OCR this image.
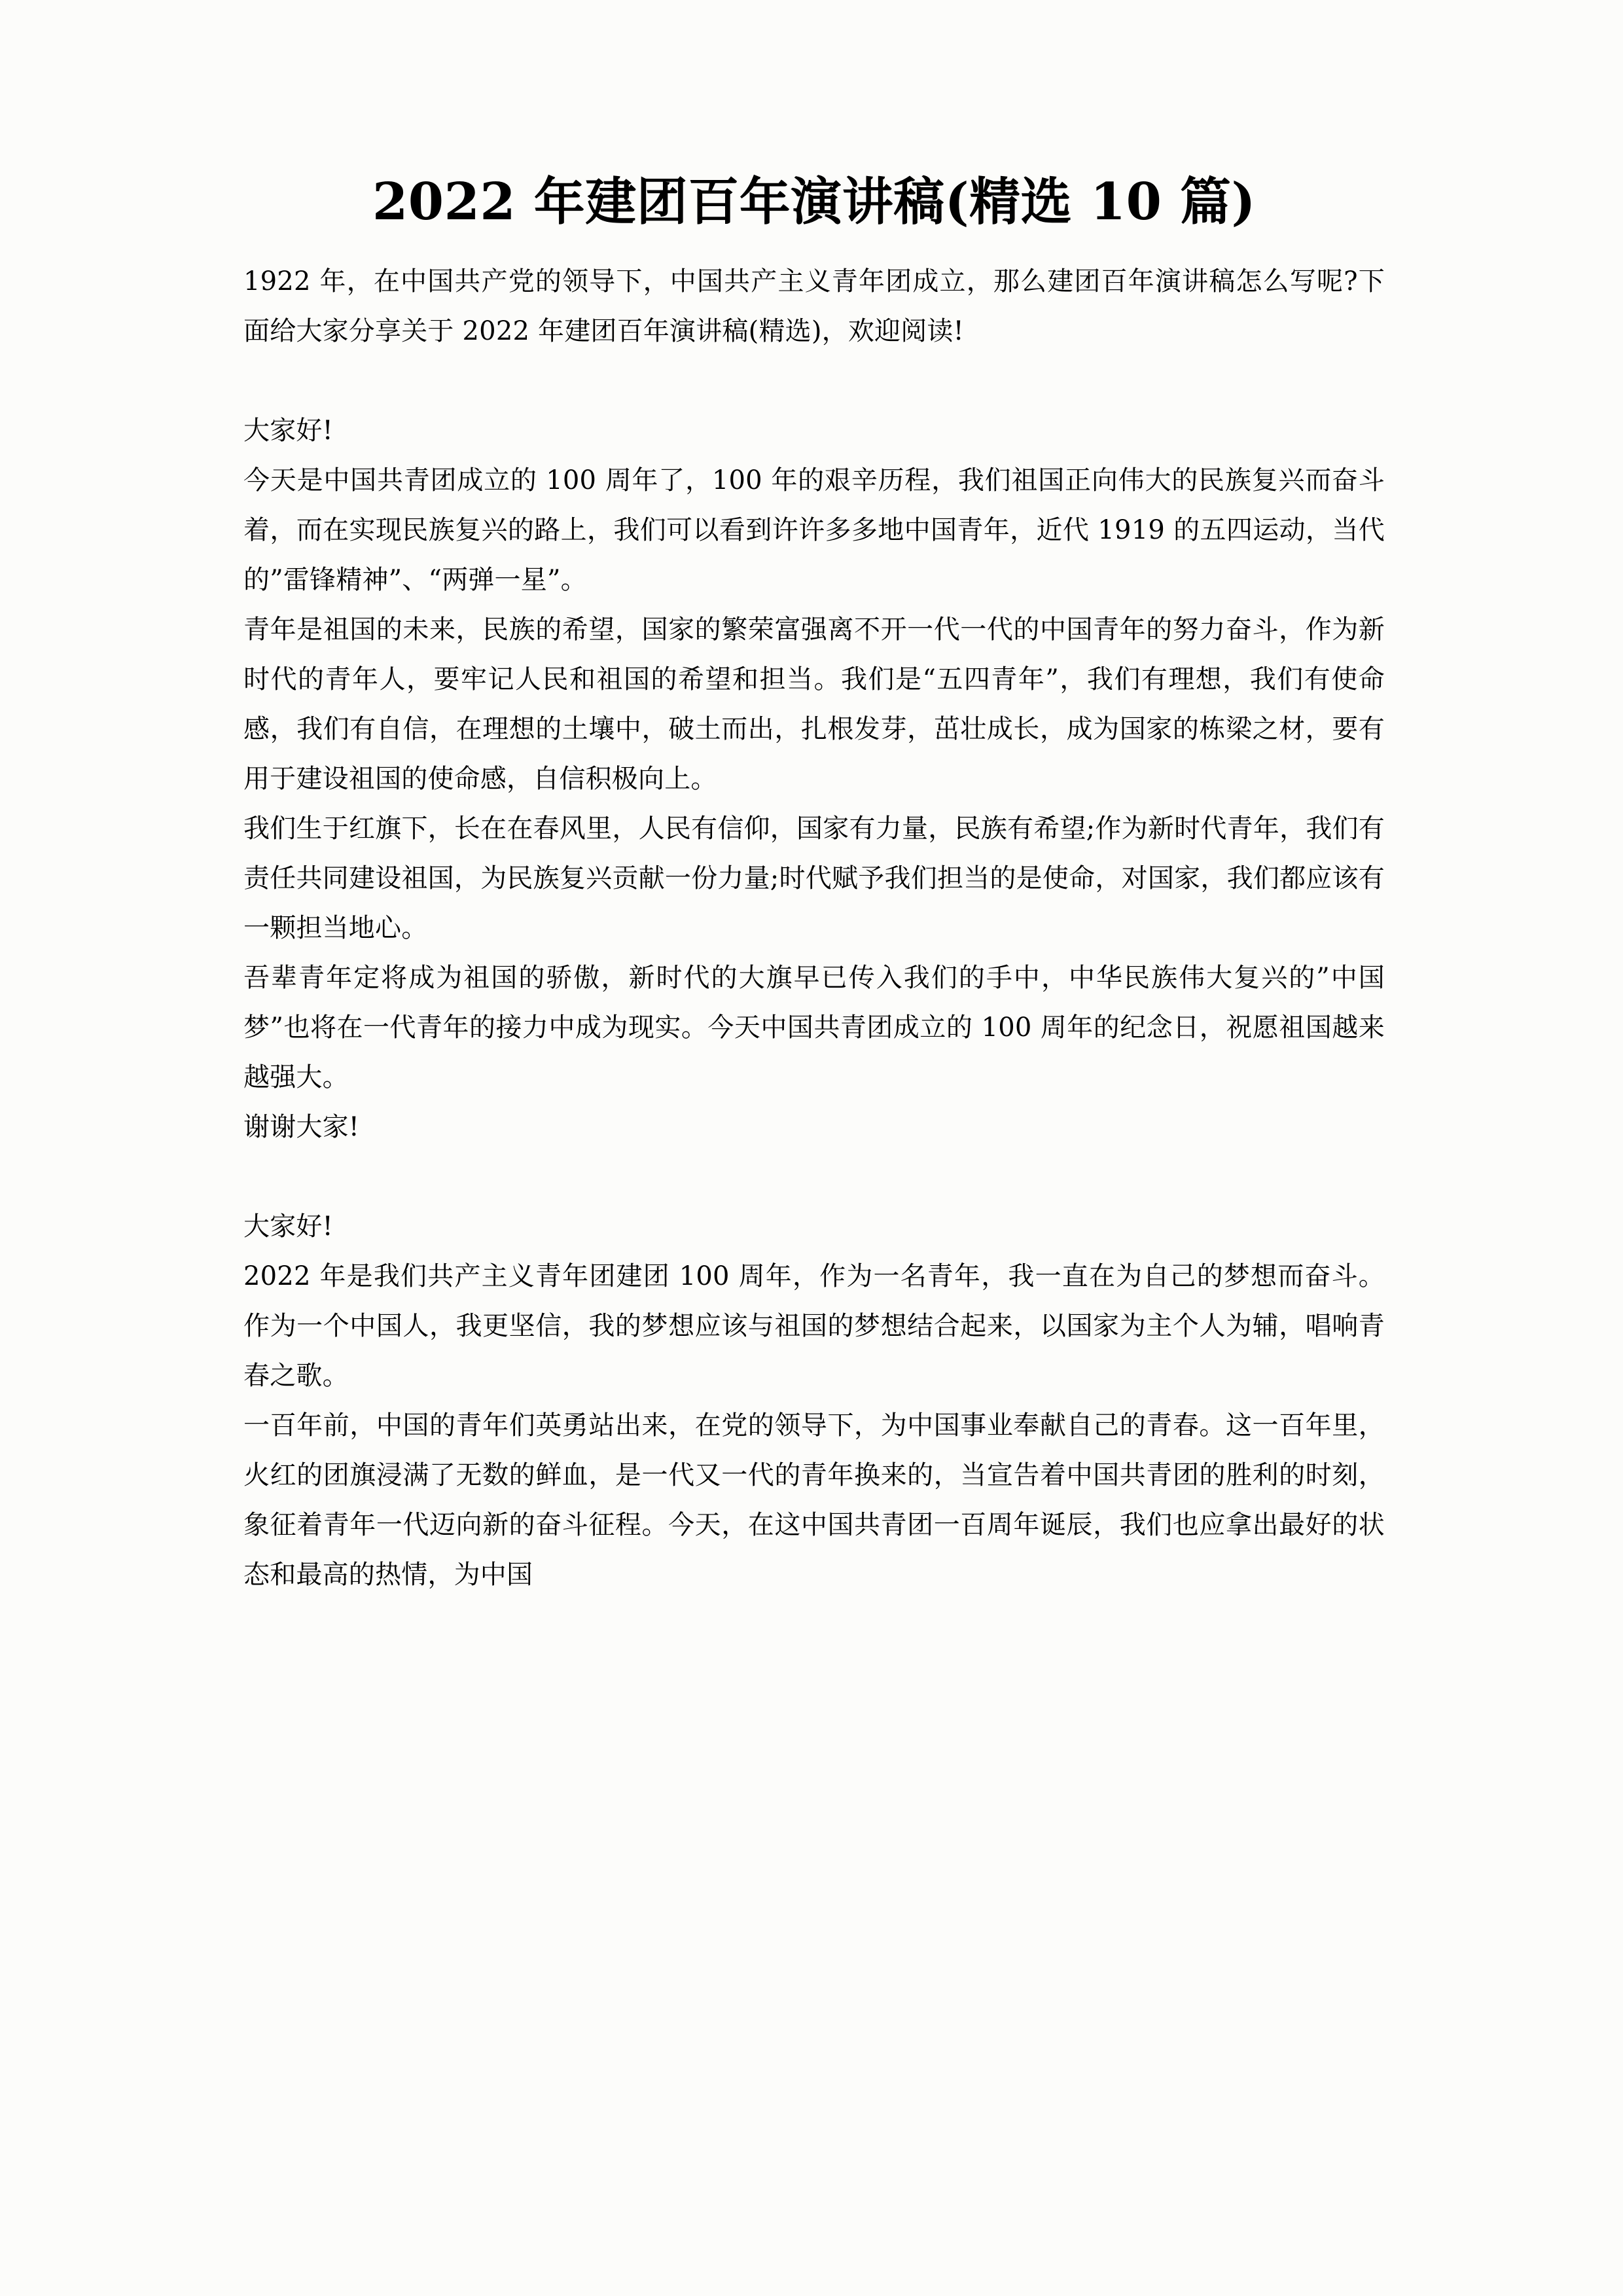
2022 年建团百年演讲稿(精选 10 篇)

1922 年，在中国共产党的领导下，中国共产主义青年团成立，那么建团百年演讲稿怎么写呢?下面给大家分享关于 2022 年建团百年演讲稿(精选)，欢迎阅读!

大家好!

今天是中国共青团成立的 100 周年了，100 年的艰辛历程，我们祖国正向伟大的民族复兴而奋斗着，而在实现民族复兴的路上，我们可以看到许许多多地中国青年，近代 1919 的五四运动，当代的”雷锋精神”、“两弹一星”。

青年是祖国的未来，民族的希望，国家的繁荣富强离不开一代一代的中国青年的努力奋斗，作为新时代的青年人，要牢记人民和祖国的希望和担当。我们是“五四青年”，我们有理想，我们有使命感，我们有自信，在理想的土壤中，破土而出，扎根发芽，茁壮成长，成为国家的栋梁之材，要有用于建设祖国的使命感，自信积极向上。

我们生于红旗下，长在在春风里，人民有信仰，国家有力量，民族有希望;作为新时代青年，我们有责任共同建设祖国，为民族复兴贡献一份力量;时代赋予我们担当的是使命，对国家，我们都应该有一颗担当地心。

吾辈青年定将成为祖国的骄傲，新时代的大旗早已传入我们的手中，中华民族伟大复兴的”中国梦”也将在一代青年的接力中成为现实。今天中国共青团成立的 100 周年的纪念日，祝愿祖国越来越强大。

谢谢大家!

大家好!

2022 年是我们共产主义青年团建团 100 周年，作为一名青年，我一直在为自己的梦想而奋斗。作为一个中国人，我更坚信，我的梦想应该与祖国的梦想结合起来，以国家为主个人为辅，唱响青春之歌。

一百年前，中国的青年们英勇站出来，在党的领导下，为中国事业奉献自己的青春。这一百年里，火红的团旗浸满了无数的鲜血，是一代又一代的青年换来的，当宣告着中国共青团的胜利的时刻，象征着青年一代迈向新的奋斗征程。今天，在这中国共青团一百周年诞辰，我们也应拿出最好的状态和最高的热情，为中国
